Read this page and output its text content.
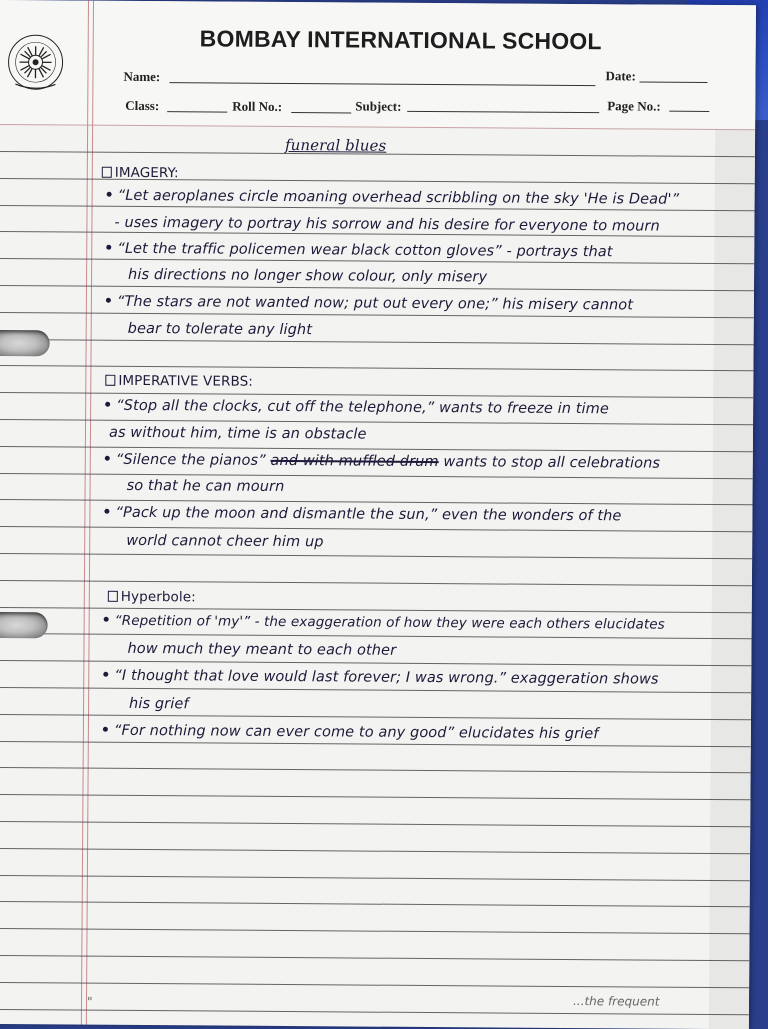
BOMBAY INTERNATIONAL SCHOOL
Name:	Date:
Class:	Roll No.:	Subject:	Page No.:
funeral blues
IMAGERY:
“Let aeroplanes circle moaning overhead scribbling on the sky 'He is Dead'”
- uses imagery to portray his sorrow and his desire for everyone to mourn
“Let the traffic policemen wear black cotton gloves” - portrays that
his directions no longer show colour, only misery
“The stars are not wanted now; put out every one;” his misery cannot
bear to tolerate any light
IMPERATIVE VERBS:
“Stop all the clocks, cut off the telephone,” wants to freeze in time
as without him, time is an obstacle
“Silence the pianos” and with muffled drum wants to stop all celebrations
so that he can mourn
“Pack up the moon and dismantle the sun,” even the wonders of the
world cannot cheer him up
Hyperbole:
“Repetition of 'my'” - the exaggeration of how they were each others elucidates
how much they meant to each other
“I thought that love would last forever; I was wrong.” exaggeration shows
his grief
“For nothing now can ever come to any good” elucidates his grief
"	...the frequent
